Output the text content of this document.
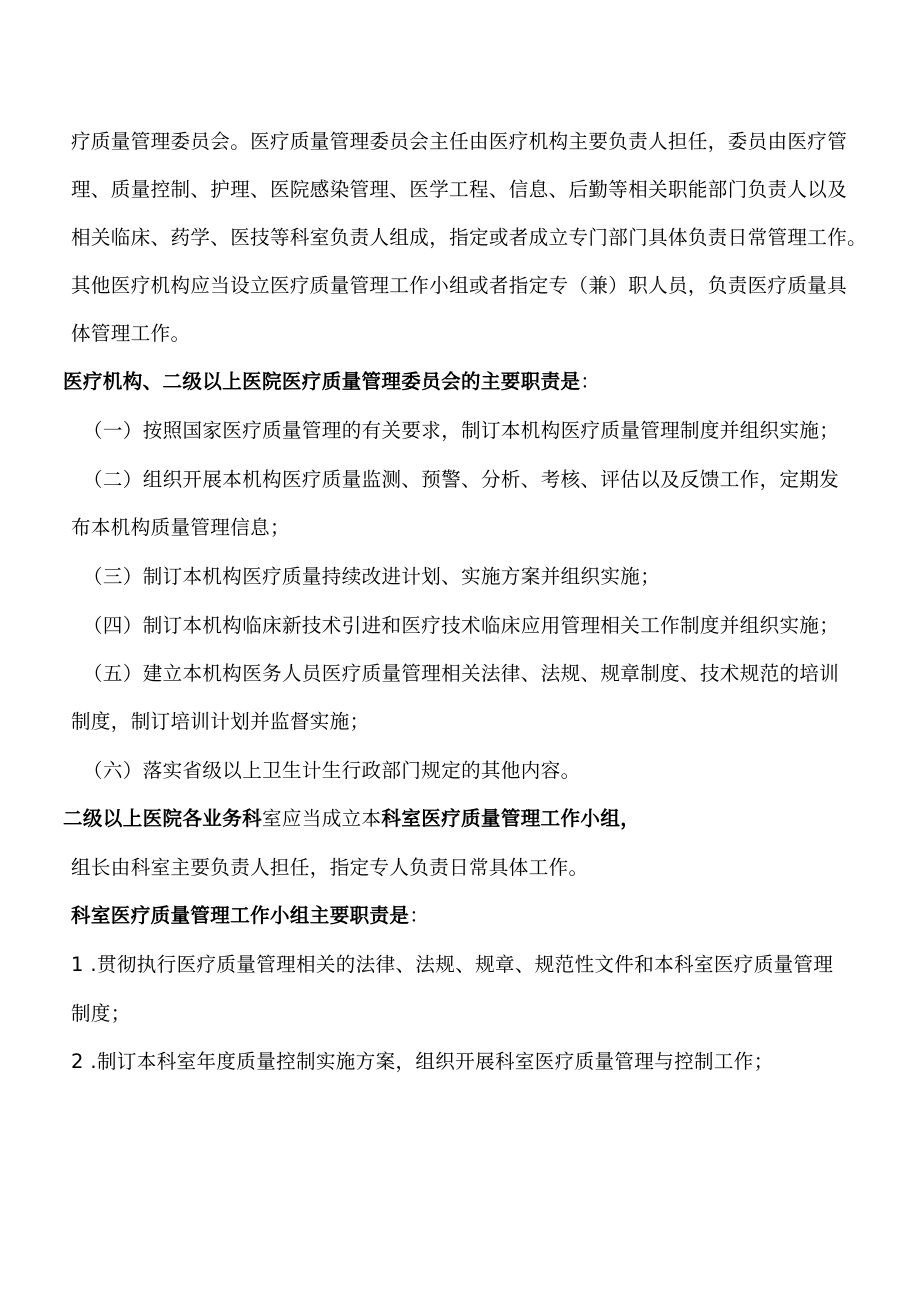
疗质量管理委员会。医疗质量管理委员会主任由医疗机构主要负责人担任，委员由医疗管
理、质量控制、护理、医院感染管理、医学工程、信息、后勤等相关职能部门负责人以及
相关临床、药学、医技等科室负责人组成，指定或者成立专门部门具体负责日常管理工作。
其他医疗机构应当设立医疗质量管理工作小组或者指定专（兼）职人员，负责医疗质量具
体管理工作。
医疗机构、二级以上医院医疗质量管理委员会的主要职责是：
（一）按照国家医疗质量管理的有关要求，制订本机构医疗质量管理制度并组织实施；
（二）组织开展本机构医疗质量监测、预警、分析、考核、评估以及反馈工作，定期发
布本机构质量管理信息；
（三）制订本机构医疗质量持续改进计划、实施方案并组织实施；
（四）制订本机构临床新技术引进和医疗技术临床应用管理相关工作制度并组织实施；
（五）建立本机构医务人员医疗质量管理相关法律、法规、规章制度、技术规范的培训
制度，制订培训计划并监督实施；
（六）落实省级以上卫生计生行政部门规定的其他内容。
二级以上医院各业务科室应当成立本科室医疗质量管理工作小组，
组长由科室主要负责人担任，指定专人负责日常具体工作。
科室医疗质量管理工作小组主要职责是：
1 .贯彻执行医疗质量管理相关的法律、法规、规章、规范性文件和本科室医疗质量管理
制度；
2 .制订本科室年度质量控制实施方案，组织开展科室医疗质量管理与控制工作；
